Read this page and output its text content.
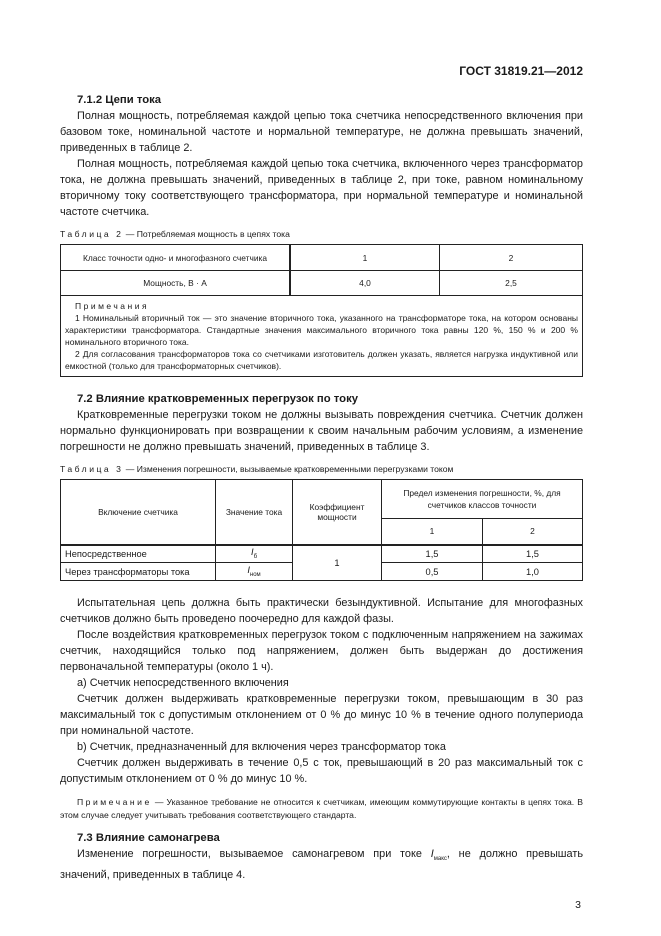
ГОСТ 31819.21—2012
7.1.2 Цепи тока

Полная мощность, потребляемая каждой цепью тока счетчика непосредственного включения при базовом токе, номинальной частоте и нормальной температуре, не должна превышать значений, приведенных в таблице 2.

Полная мощность, потребляемая каждой цепью тока счетчика, включенного через трансформатор тока, не должна превышать значений, приведенных в таблице 2, при токе, равном номинальному вторичному току соответствующего трансформатора, при нормальной температуре и номинальной частоте счетчика.

Таблица 2 — Потребляемая мощность в цепях тока
Класс точности одно- и многофазного счетчика	1	2
Мощность, В · А	4,0	2,5

Примечания
1 Номинальный вторичный ток — это значение вторичного тока, указанного на трансформаторе тока, на котором основаны характеристики трансформатора. Стандартные значения максимального вторичного тока равны 120 %, 150 % и 200 % номинального вторичного тока.
2 Для согласования трансформаторов тока со счетчиками изготовитель должен указать, является нагрузка индуктивной или емкостной (только для трансформаторных счетчиков).		
7.2 Влияние кратковременных перегрузок по току

Кратковременные перегрузки током не должны вызывать повреждения счетчика. Счетчик должен нормально функционировать при возвращении к своим начальным рабочим условиям, а изменение погрешности не должно превышать значений, приведенных в таблице 3.

Таблица 3 — Изменения погрешности, вызываемые кратковременными перегрузками током
Включение счетчика	Значение тока	Коэффициент мощности	Предел изменения погрешности, %, для счетчиков классов точности	
			1	2
Непосредственное	$I_б$	1	1,5	1,5
Через трансформаторы тока	$I_{ном}$		0,5	1,0

Испытательная цепь должна быть практически безындуктивной. Испытание для многофазных счетчиков должно быть проведено поочередно для каждой фазы.

После воздействия кратковременных перегрузок током с подключенным напряжением на зажимах счетчик, находящийся только под напряжением, должен быть выдержан до достижения первоначальной температуры (около 1 ч).

a) Счетчик непосредственного включения

Счетчик должен выдерживать кратковременные перегрузки током, превышающим в 30 раз максимальный ток с допустимым отклонением от 0 % до минус 10 % в течение одного полупериода при номинальной частоте.

b) Счетчик, предназначенный для включения через трансформатор тока

Счетчик должен выдерживать в течение 0,5 с ток, превышающий в 20 раз максимальный ток с допустимым отклонением от 0 % до минус 10 %.

Примечание — Указанное требование не относится к счетчикам, имеющим коммутирующие контакты в цепях тока. В этом случае следует учитывать требования соответствующего стандарта.
7.3 Влияние самонагрева

Изменение погрешности, вызываемое самонагревом при токе $I_{макс}$, не должно превышать значений, приведенных в таблице 4.

3
